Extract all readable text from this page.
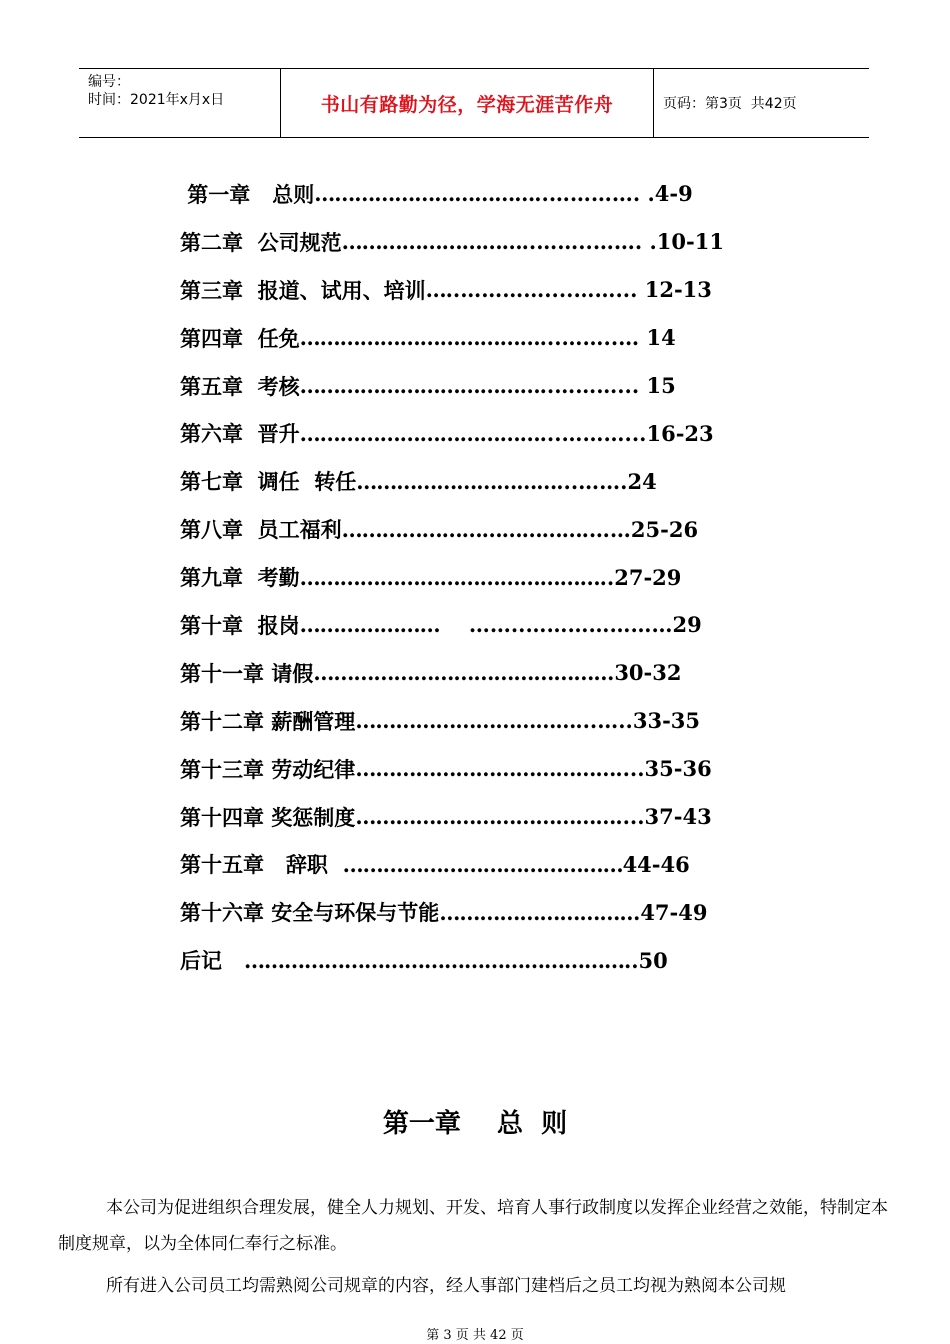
编号：
时间：2021年x月x日	书山有路勤为径，学海无涯苦作舟	页码：第3页  共42页
第一章 总则 …………………………… ..…………. .4-9
第二章 公司规范 ……………………… ..……..……. .10-11
第三章 报道、试用、培训 … ..…………....……... 12-13
第四章 任免 ……………………………… ...……..… 14
第五章 考核 ……………………………… ..………... 15
第六章 晋升 ……………………………… ...………...16-23
第七章 调任  转任 ………………………… ...…….24
第八章 员工福利 ……………………………… .……25-26
第九章 考勤 ……………………………………… ..27-29
第十章 报岗 ………………… ……..…………………29
第十一章 请假 …………………………………… …30-32
第十二章 薪酬管理 …………………………… ...…..33-35
第十三章 劳动纪律 ………………………………… ....35-36
第十四章 奖惩制度 ………………………………… ....37-43
第十五章 辞职 …………………………………… 44-46
第十六章 安全与环保与节能 ……………………… …47-49
后记
………………………………………………… ..50
第一章    总  则
本公司为促进组织合理发展，健全人力规划、开发、培育人事行政制度以发挥企业经营之效能，特制定本制度规章，以为全体同仁奉行之标准。
所有进入公司员工均需熟阅公司规章的内容，经人事部门建档后之员工均视为熟阅本公司规
第 3 页 共 42 页
